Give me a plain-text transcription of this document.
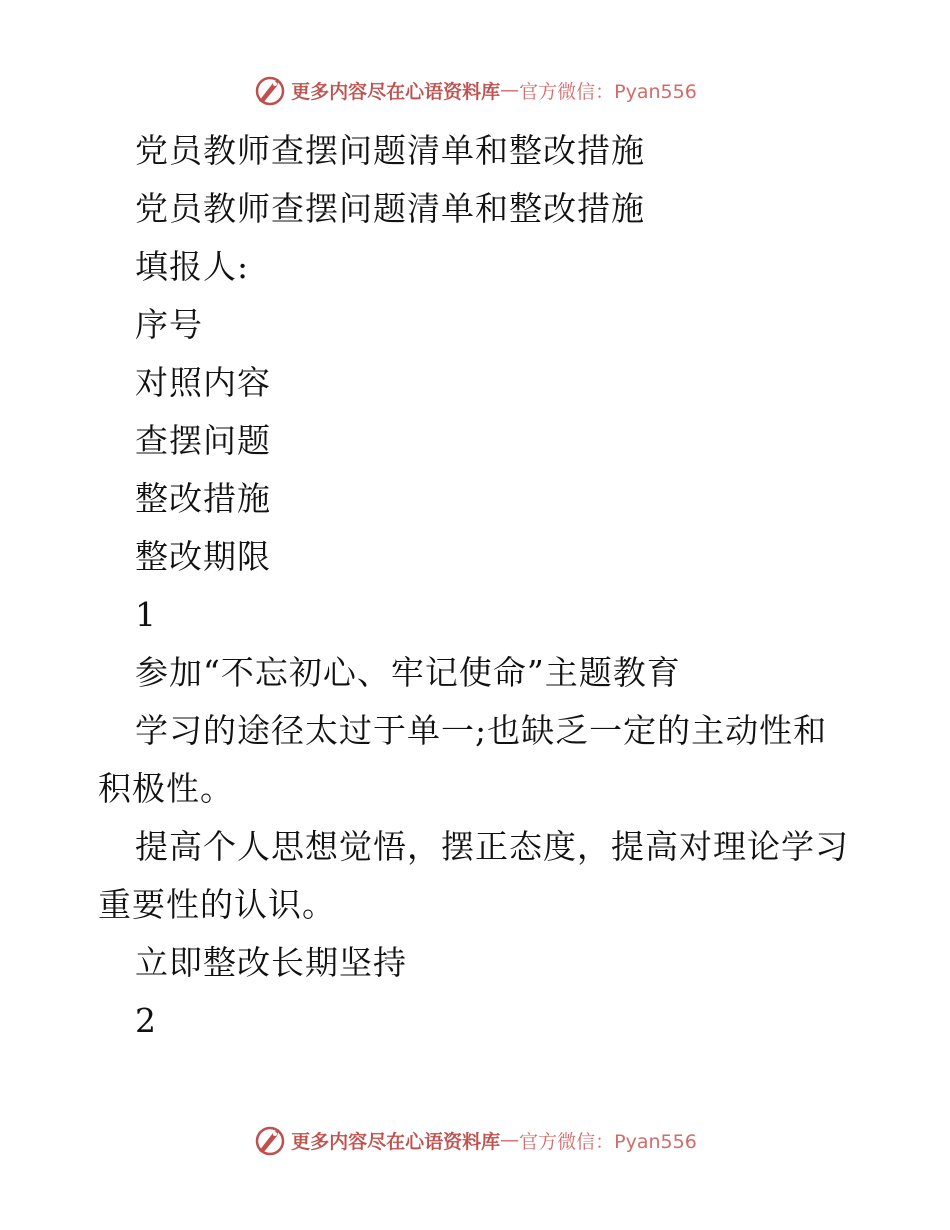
更多内容尽在心语资料库 — 官方微信：Pyan556

党员教师查摆问题清单和整改措施

党员教师查摆问题清单和整改措施

填报人:

序号

对照内容

查摆问题

整改措施

整改期限

1

参加“不忘初心、牢记使命”主题教育

学习的途径太过于单一;也缺乏一定的主动性和积极性。

提高个人思想觉悟，摆正态度，提高对理论学习重要性的认识。

立即整改长期坚持

2

更多内容尽在心语资料库 — 官方微信：Pyan556
